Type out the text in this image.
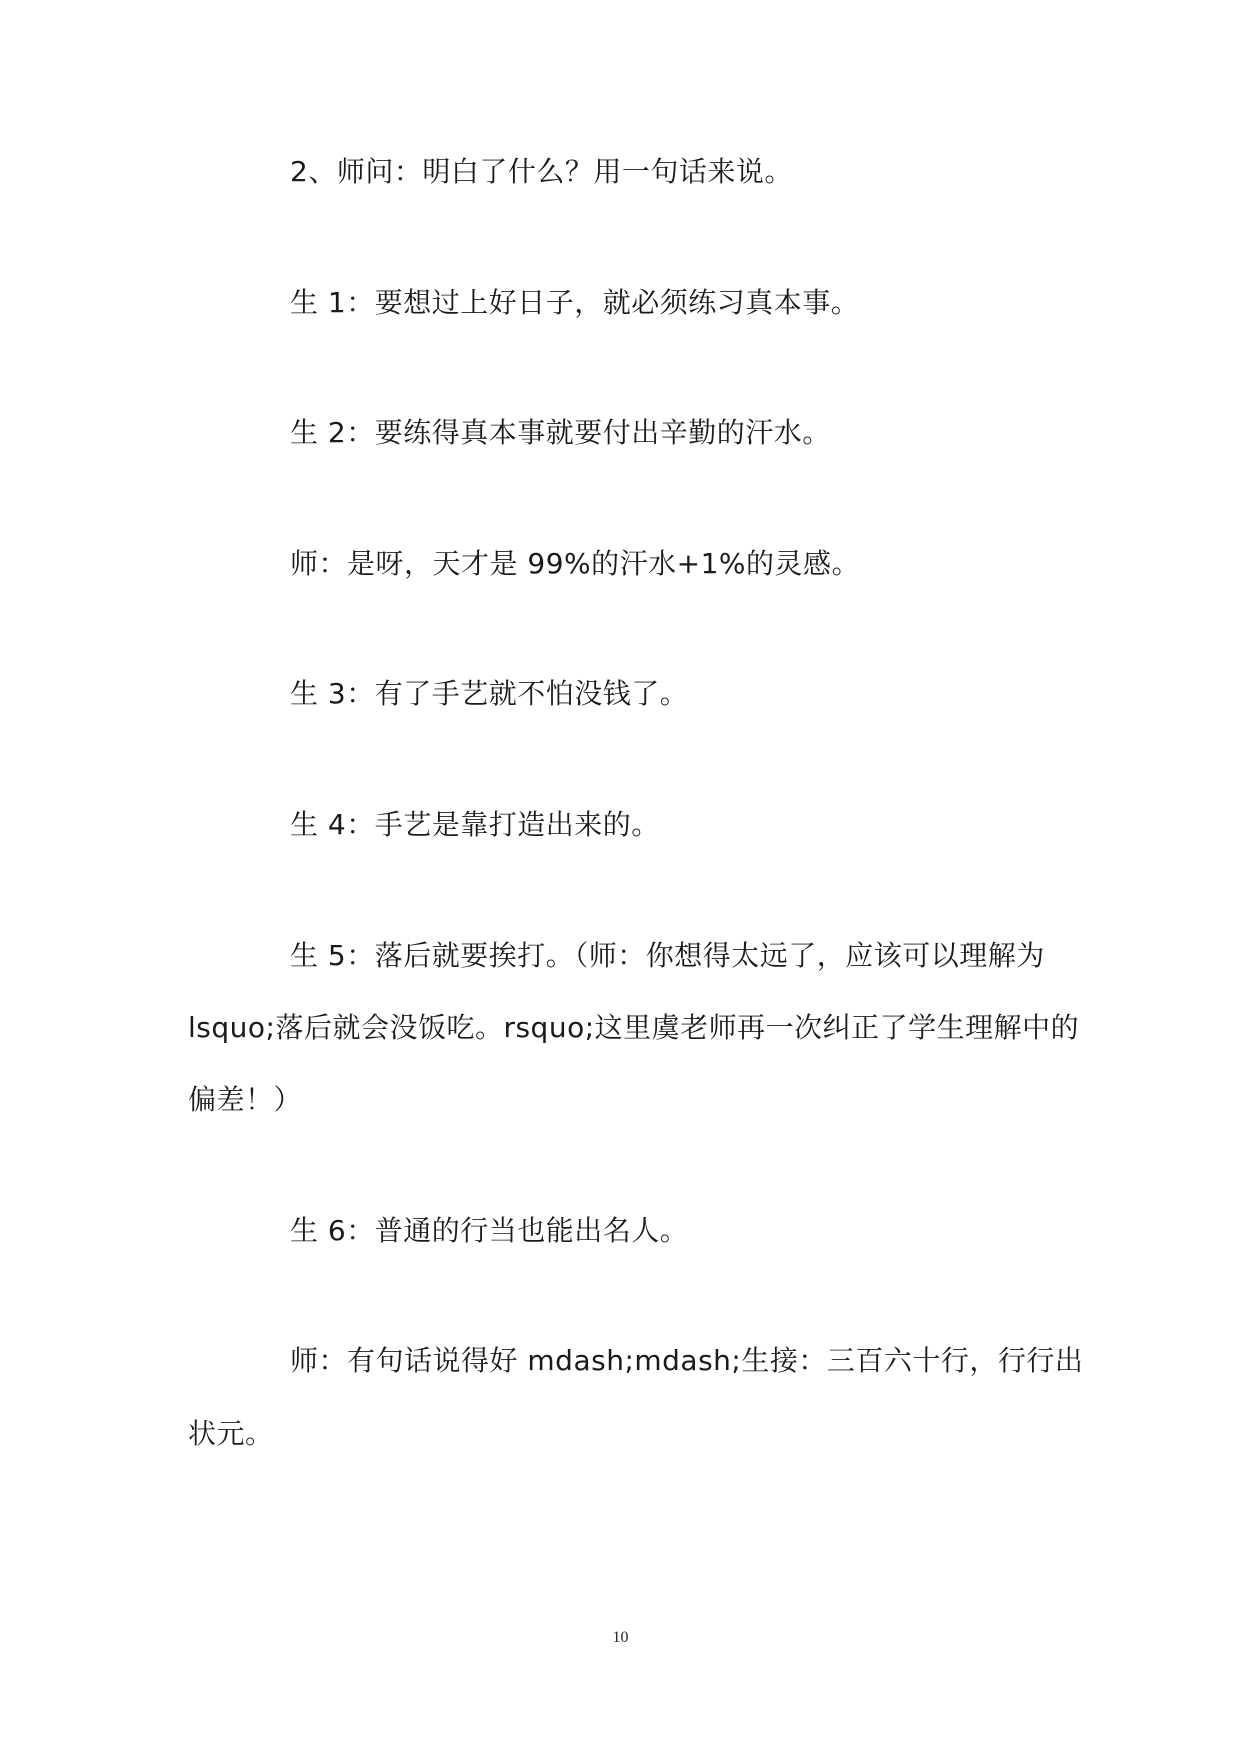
2、师问：明白了什么？用一句话来说。

生 1：要想过上好日子，就必须练习真本事。

生 2：要练得真本事就要付出辛勤的汗水。

师：是呀，天才是 99%的汗水+1%的灵感。

生 3：有了手艺就不怕没钱了。

生 4：手艺是靠打造出来的。

生 5：落后就要挨打。（师：你想得太远了，应该可以理解为

lsquo;落后就会没饭吃。rsquo;这里虞老师再一次纠正了学生理解中的

偏差！）

生 6：普通的行当也能出名人。

师：有句话说得好 mdash;mdash;生接：三百六十行，行行出

状元。

10
